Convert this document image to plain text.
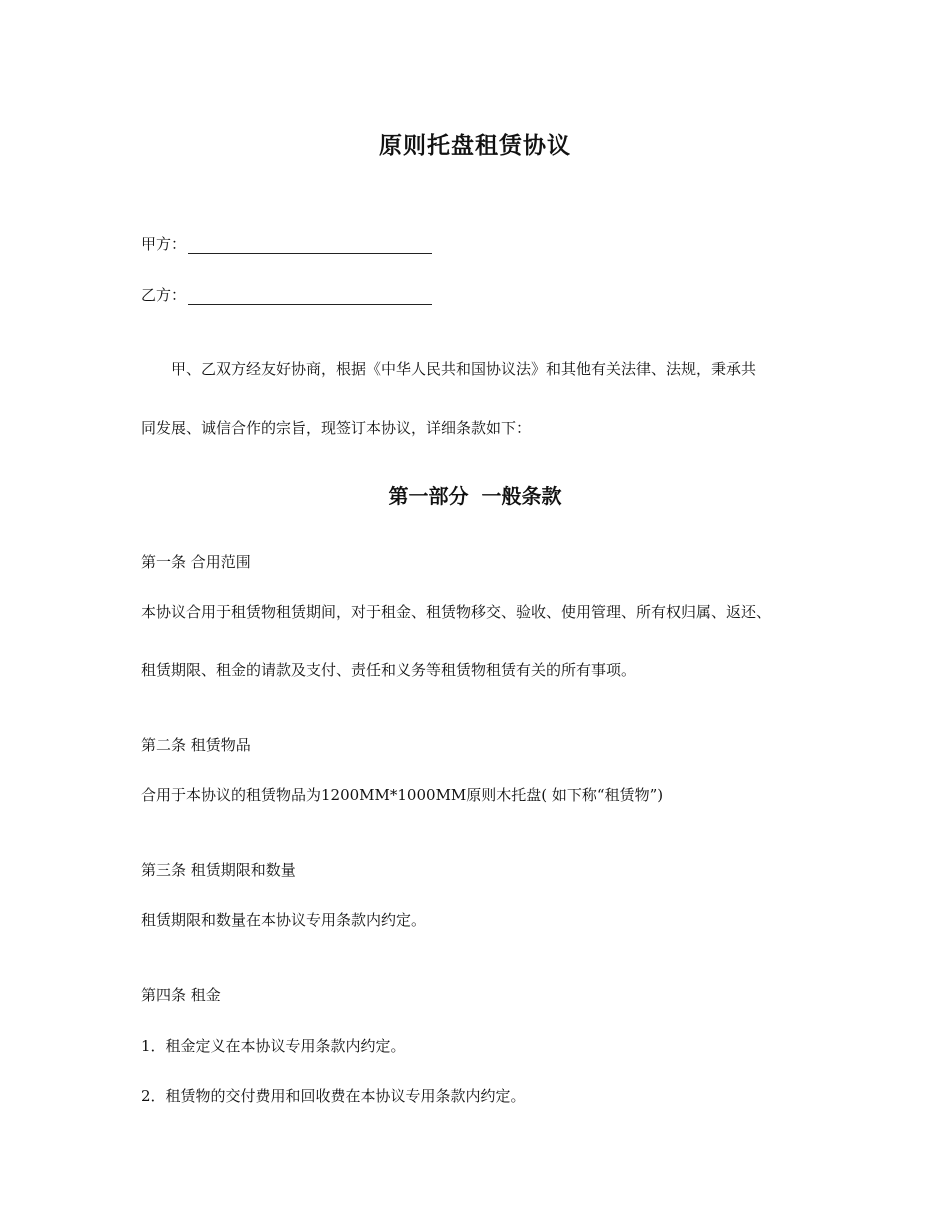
原则托盘租赁协议
甲方：
乙方：

甲、乙双方经友好协商，根据《中华人民共和国协议法》和其他有关法律、法规，秉承共

同发展、诚信合作的宗旨，现签订本协议，详细条款如下：

第一部分 一般条款

第一条 合用范围

本协议合用于租赁物租赁期间，对于租金、租赁物移交、验收、使用管理、所有权归属、返还、

租赁期限、租金的请款及支付、责任和义务等租赁物租赁有关的所有事项。

第二条 租赁物品

合用于本协议的租赁物品为1200MM*1000MM原则木托盘( 如下称“租赁物”)

第三条 租赁期限和数量

租赁期限和数量在本协议专用条款内约定。

第四条 租金

1．租金定义在本协议专用条款内约定。

2．租赁物的交付费用和回收费在本协议专用条款内约定。
